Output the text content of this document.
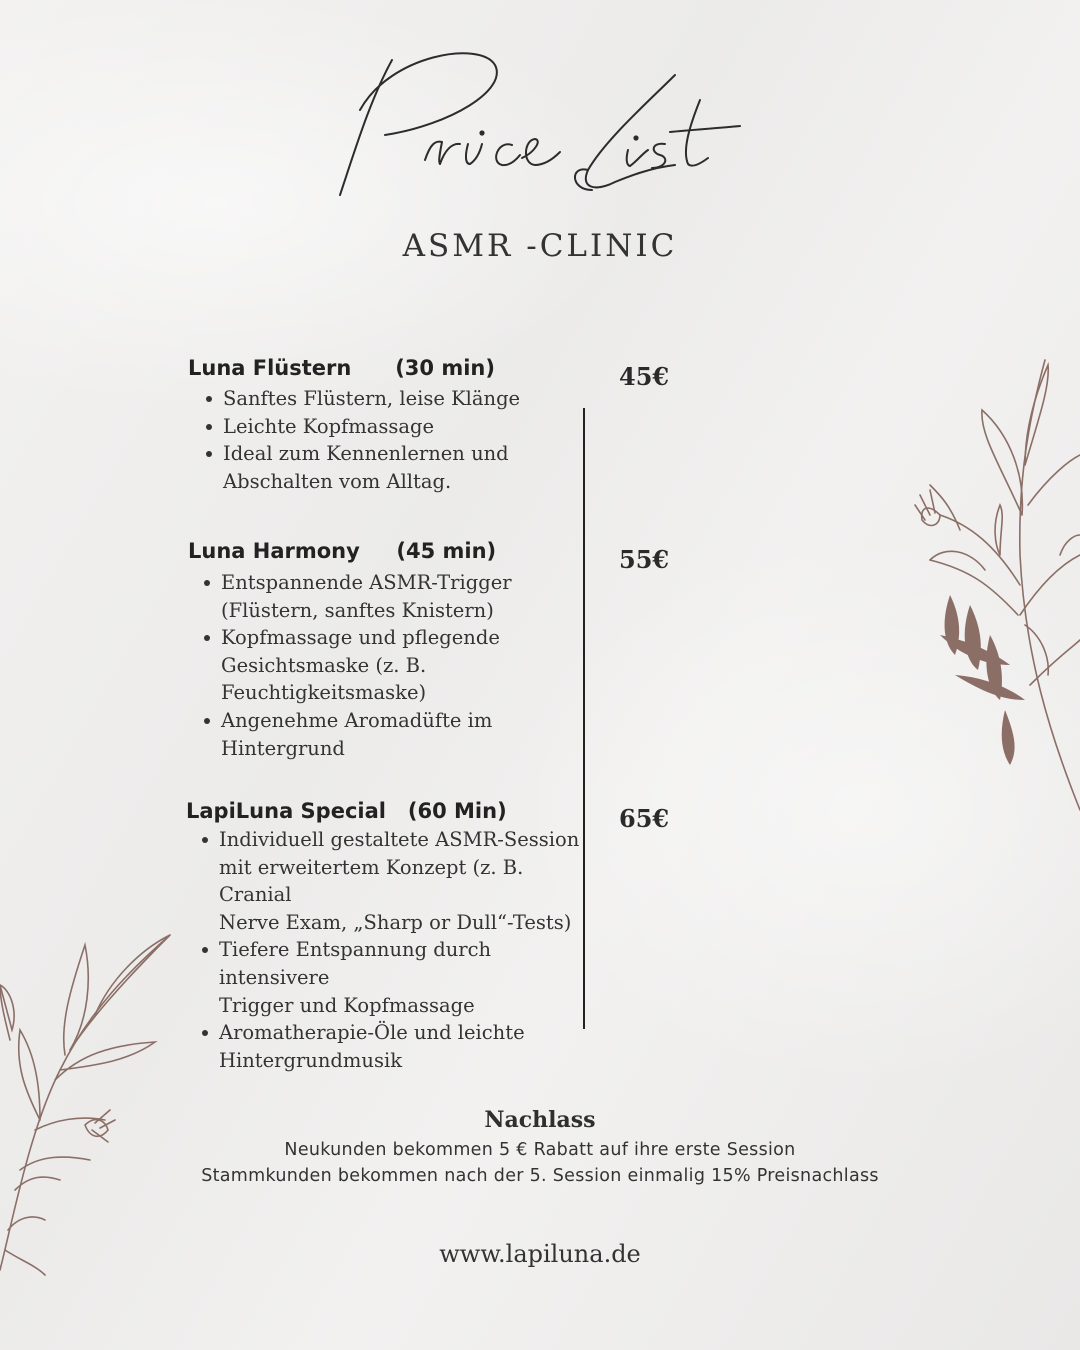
ASMR -CLINIC
Luna Flüstern      (30 min)	45€
Sanftes Flüstern, leise Klänge
Leichte Kopfmassage
Ideal zum Kennenlernen und
Abschalten vom Alltag.
Luna Harmony     (45 min)	55€
Entspannende ASMR-Trigger
(Flüstern, sanftes Knistern)
Kopfmassage und pflegende
Gesichtsmaske (z. B.
Feuchtigkeitsmaske)
Angenehme Aromadüfte im
Hintergrund
LapiLuna Special   (60 Min)	65€
Individuell gestaltete ASMR-Session
mit erweitertem Konzept (z. B. Cranial
Nerve Exam, „Sharp or Dull“-Tests)
Tiefere Entspannung durch intensivere
Trigger und Kopfmassage
Aromatherapie-Öle und leichte
Hintergrundmusik
Nachlass
Neukunden bekommen 5 € Rabatt auf ihre erste Session
Stammkunden bekommen nach der 5. Session einmalig 15% Preisnachlass
www.lapiluna.de
